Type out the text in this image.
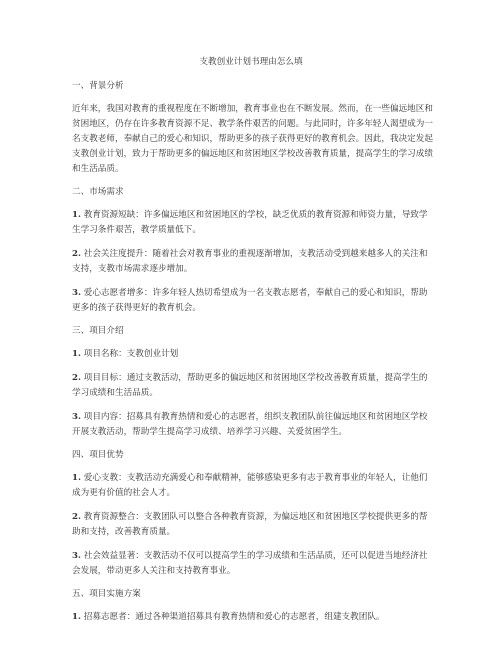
支教创业计划书理由怎么填
一、背景分析

近年来，我国对教育的重视程度在不断增加，教育事业也在不断发展。然而，在一些偏远地区和贫困地区，仍存在许多教育资源不足、教学条件艰苦的问题。与此同时，许多年轻人渴望成为一名支教老师，奉献自己的爱心和知识，帮助更多的孩子获得更好的教育机会。因此，我决定发起支教创业计划，致力于帮助更多的偏远地区和贫困地区学校改善教育质量，提高学生的学习成绩和生活品质。

二、市场需求

1. 教育资源短缺：许多偏远地区和贫困地区的学校，缺乏优质的教育资源和师资力量，导致学生学习条件艰苦，教学质量低下。

2. 社会关注度提升：随着社会对教育事业的重视逐渐增加，支教活动受到越来越多人的关注和支持，支教市场需求逐步增加。

3. 爱心志愿者增多：许多年轻人热切希望成为一名支教志愿者，奉献自己的爱心和知识，帮助更多的孩子获得更好的教育机会。

三、项目介绍

1. 项目名称：支教创业计划

2. 项目目标：通过支教活动，帮助更多的偏远地区和贫困地区学校改善教育质量，提高学生的学习成绩和生活品质。

3. 项目内容：招募具有教育热情和爱心的志愿者，组织支教团队前往偏远地区和贫困地区学校开展支教活动，帮助学生提高学习成绩、培养学习兴趣、关爱贫困学生。

四、项目优势

1. 爱心支教：支教活动充满爱心和奉献精神，能够感染更多有志于教育事业的年轻人，让他们成为更有价值的社会人才。

2. 教育资源整合：支教团队可以整合各种教育资源，为偏远地区和贫困地区学校提供更多的帮助和支持，改善教育质量。

3. 社会效益显著：支教活动不仅可以提高学生的学习成绩和生活品质，还可以促进当地经济社会发展，带动更多人关注和支持教育事业。

五、项目实施方案

1. 招募志愿者：通过各种渠道招募具有教育热情和爱心的志愿者，组建支教团队。
